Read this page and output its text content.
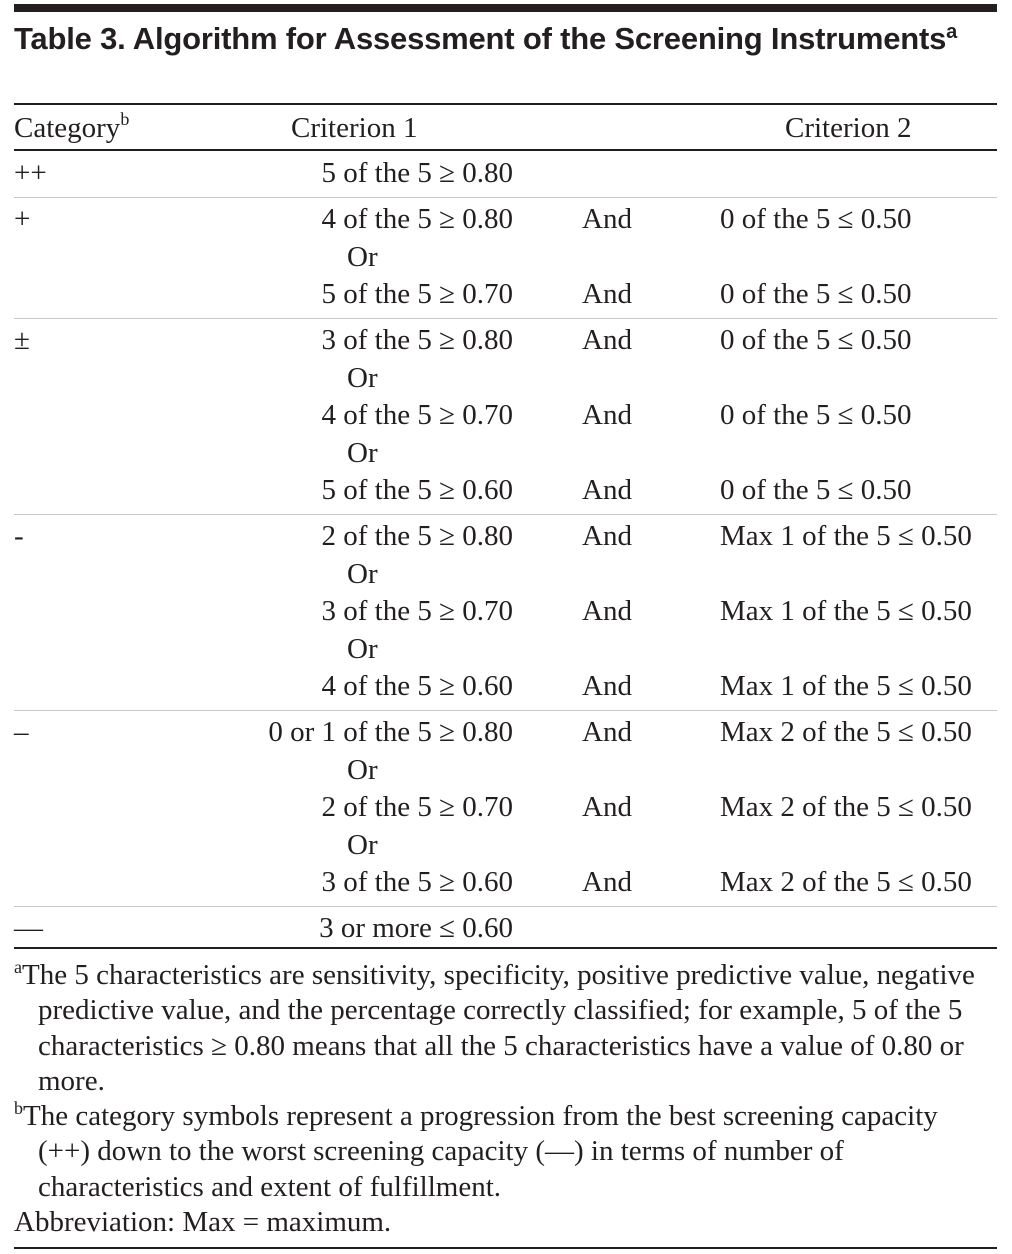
Table 3. Algorithm for Assessment of the Screening Instruments$^a$
Category$^b$	Criterion 1	Criterion 2
++	5 of the 5 ≥ 0.80
+	4 of the 5 ≥ 0.80 And	0 of the 5 ≤ 0.50
Or
5 of the 5 ≥ 0.70 And	0 of the 5 ≤ 0.50
±	3 of the 5 ≥ 0.80 And	0 of the 5 ≤ 0.50
Or
4 of the 5 ≥ 0.70 And	0 of the 5 ≤ 0.50
Or
5 of the 5 ≥ 0.60 And	0 of the 5 ≤ 0.50
-	2 of the 5 ≥ 0.80 And	Max 1 of the 5 ≤ 0.50
Or
3 of the 5 ≥ 0.70 And	Max 1 of the 5 ≤ 0.50
Or
4 of the 5 ≥ 0.60 And	Max 1 of the 5 ≤ 0.50
–	0 or 1 of the 5 ≥ 0.80 And	Max 2 of the 5 ≤ 0.50
Or
2 of the 5 ≥ 0.70 And	Max 2 of the 5 ≤ 0.50
Or
3 of the 5 ≥ 0.60 And	Max 2 of the 5 ≤ 0.50
—	3 or more ≤ 0.60
$^a$The 5 characteristics are sensitivity, specificity, positive predictive value, negative predictive value, and the percentage correctly classified; for example, 5 of the 5 characteristics ≥ 0.80 means that all the 5 characteristics have a value of 0.80 or more.
$^b$The category symbols represent a progression from the best screening capacity (++) down to the worst screening capacity (—) in terms of number of characteristics and extent of fulfillment.
Abbreviation: Max = maximum.
